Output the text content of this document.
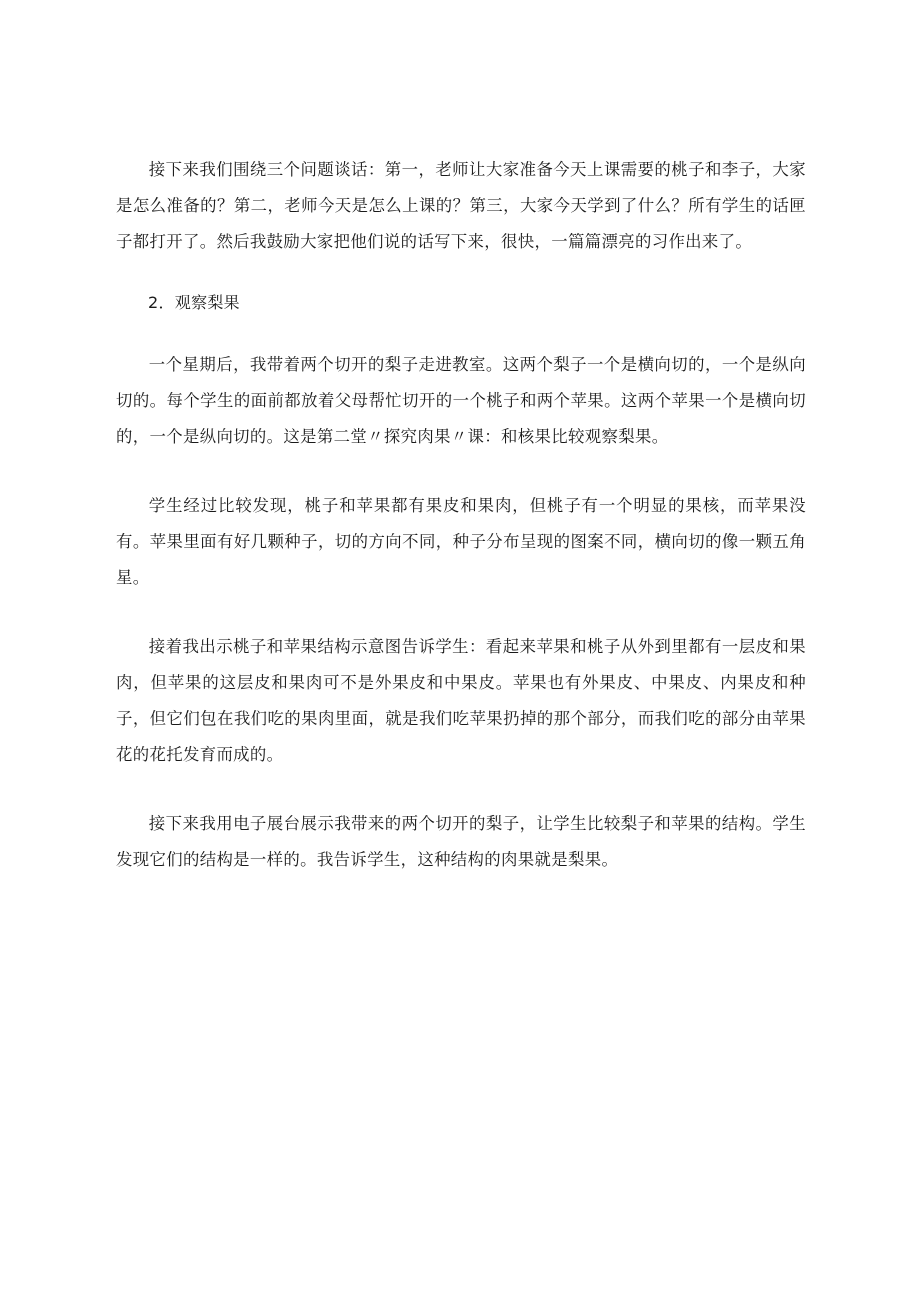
接下来我们围绕三个问题谈话：第一，老师让大家准备今天上课需要的桃子和李子，大家是怎么准备的？第二，老师今天是怎么上课的？第三，大家今天学到了什么？所有学生的话匣子都打开了。然后我鼓励大家把他们说的话写下来，很快，一篇篇漂亮的习作出来了。

2．观察梨果

一个星期后，我带着两个切开的梨子走进教室。这两个梨子一个是横向切的，一个是纵向切的。每个学生的面前都放着父母帮忙切开的一个桃子和两个苹果。这两个苹果一个是横向切的，一个是纵向切的。这是第二堂〃探究肉果〃课：和核果比较观察梨果。

学生经过比较发现，桃子和苹果都有果皮和果肉，但桃子有一个明显的果核，而苹果没有。苹果里面有好几颗种子，切的方向不同，种子分布呈现的图案不同，横向切的像一颗五角星。

接着我出示桃子和苹果结构示意图告诉学生：看起来苹果和桃子从外到里都有一层皮和果肉，但苹果的这层皮和果肉可不是外果皮和中果皮。苹果也有外果皮、中果皮、内果皮和种子，但它们包在我们吃的果肉里面，就是我们吃苹果扔掉的那个部分，而我们吃的部分由苹果花的花托发育而成的。

接下来我用电子展台展示我带来的两个切开的梨子，让学生比较梨子和苹果的结构。学生发现它们的结构是一样的。我告诉学生，这种结构的肉果就是梨果。
